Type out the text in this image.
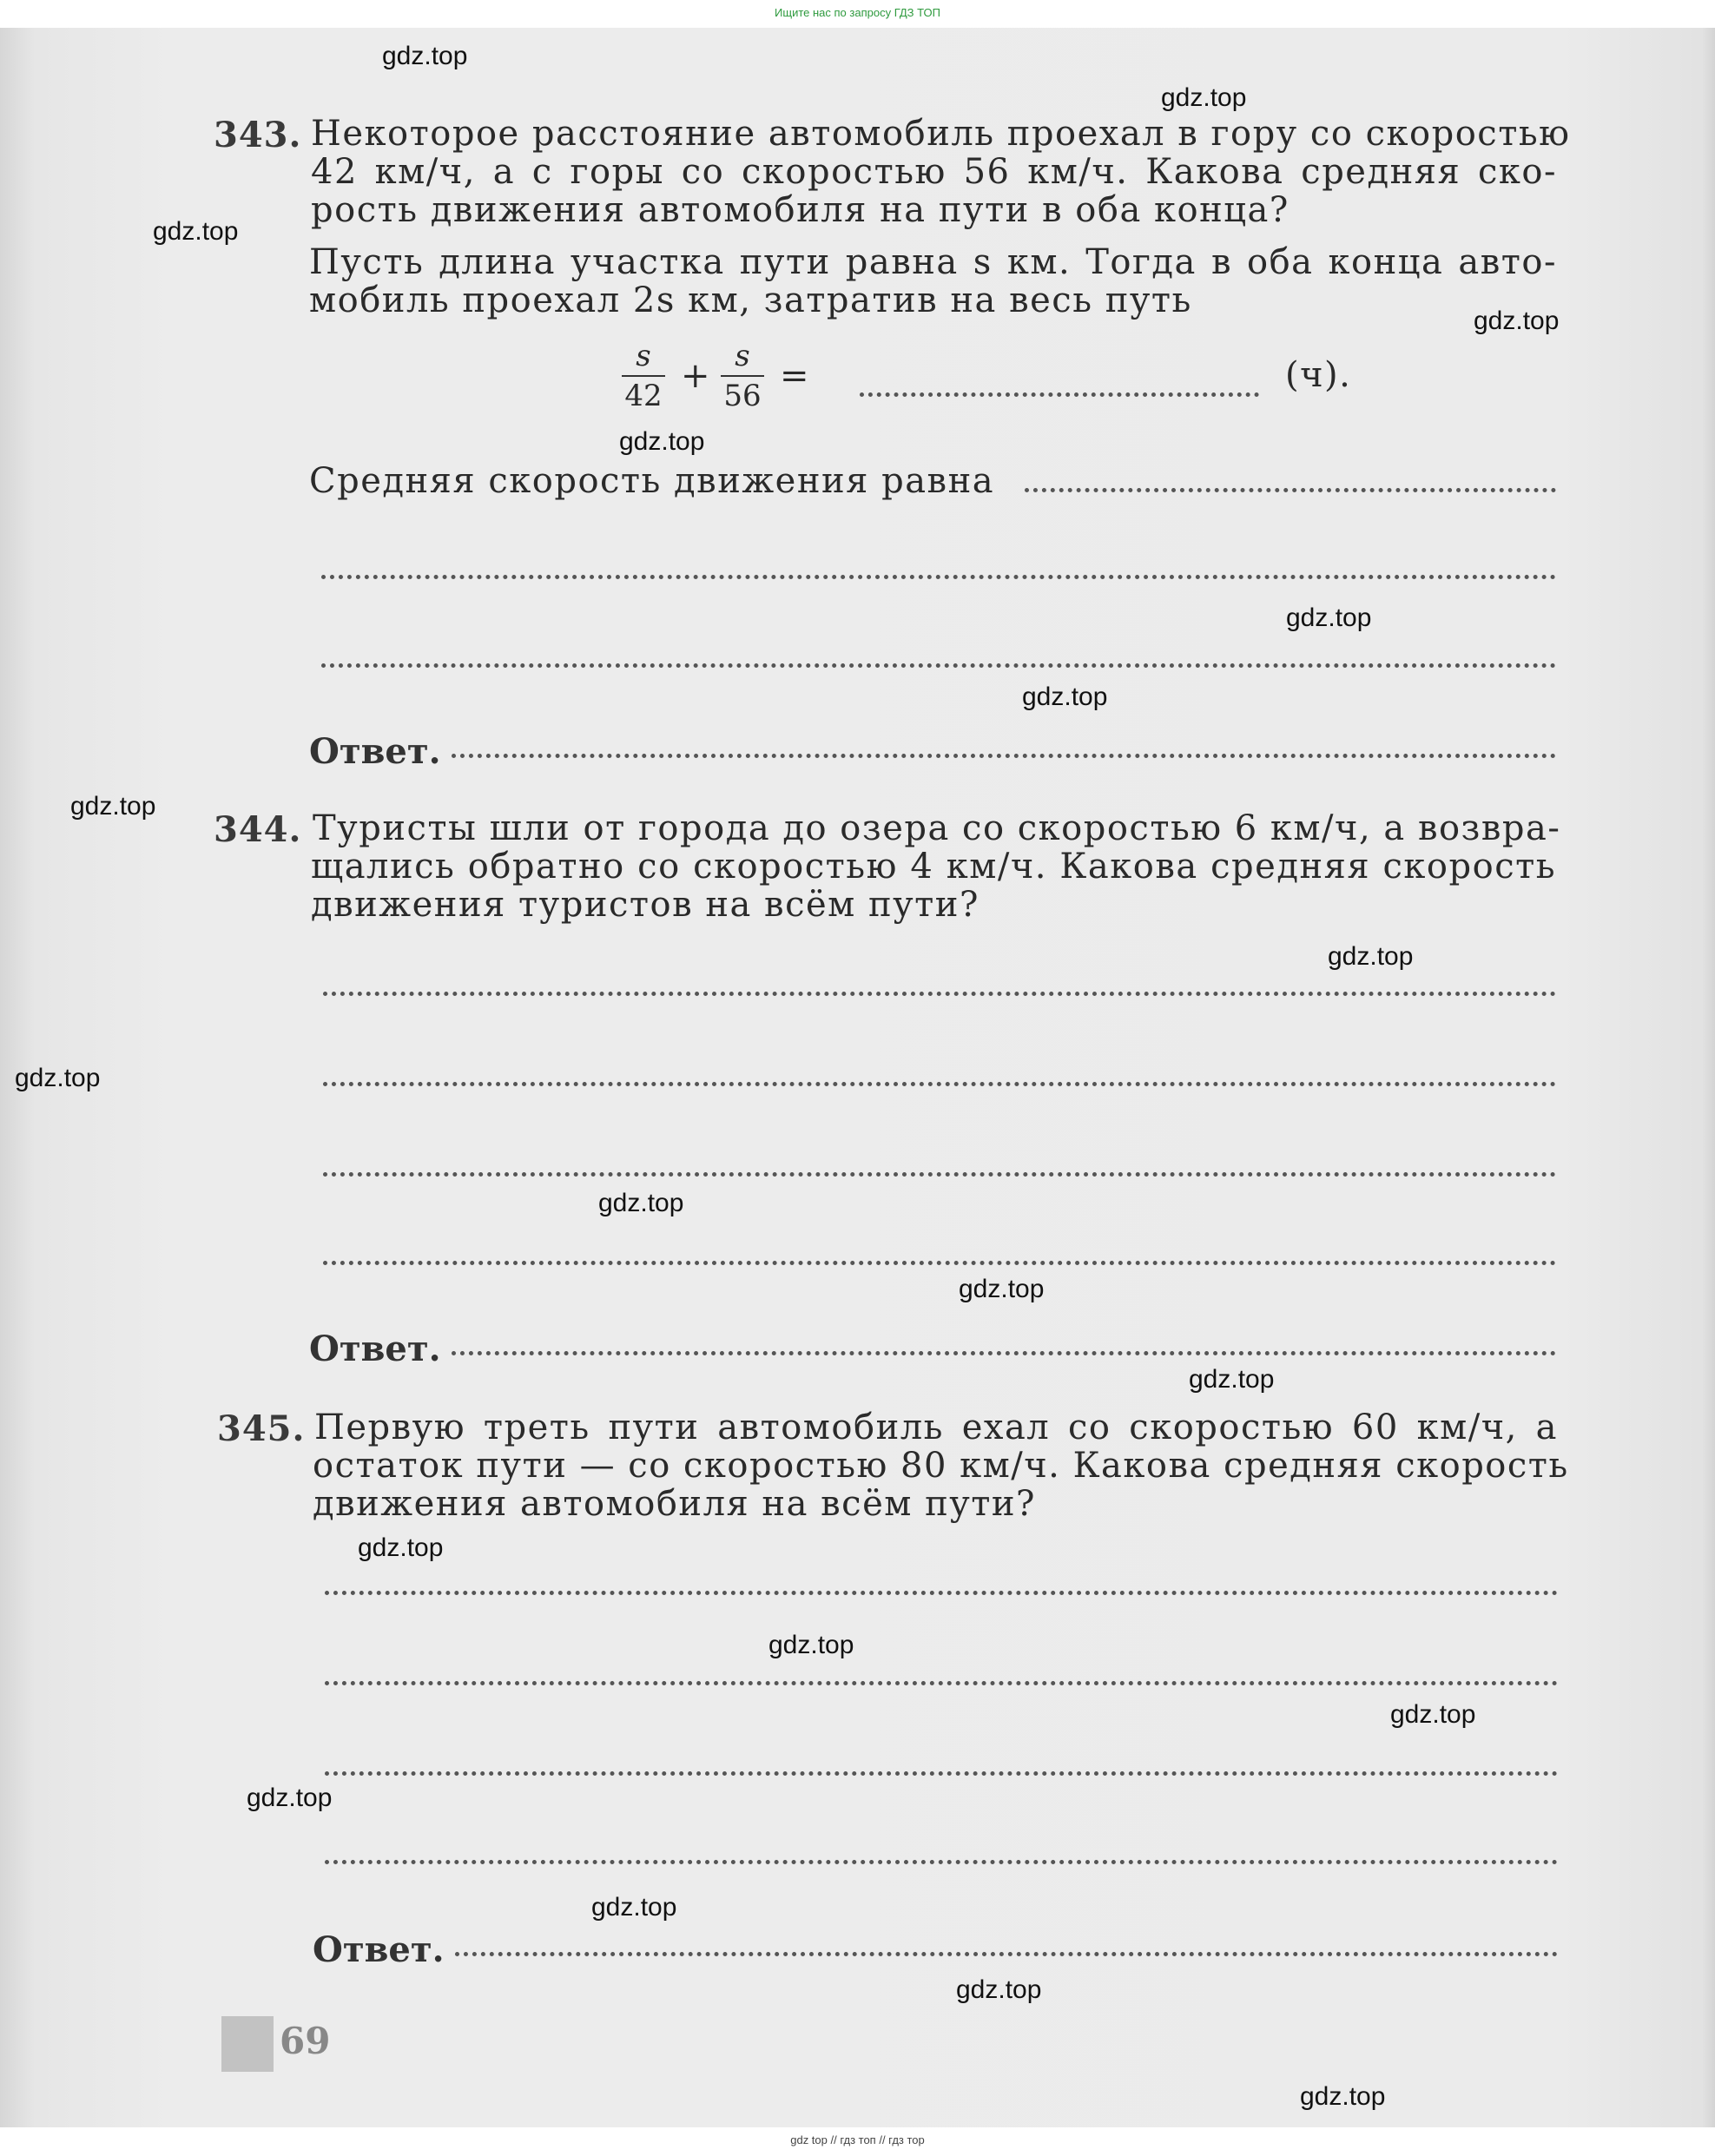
Ищите нас по запросу ГДЗ ТОП
343. Некоторое расстояние автомобиль проехал в гору со скоростью
42 км/ч, а с горы со скоростью 56 км/ч. Какова средняя ско-
рость движения автомобиля на пути в оба конца?
Пусть длина участка пути равна s км. Тогда в оба конца авто-
мобиль проехал 2s км, затратив на весь путь
s
42 + s
56 =	(ч).
Средняя скорость движения равна
Ответ.
344. Туристы шли от города до озера со скоростью 6 км/ч, а возвра-
щались обратно со скоростью 4 км/ч. Какова средняя скорость
движения туристов на всём пути?
Ответ.
345. Первую треть пути автомобиль ехал со скоростью 60 км/ч, а
остаток пути — со скоростью 80 км/ч. Какова средняя скорость
движения автомобиля на всём пути?
Ответ.
69
gdz.top
gdz.top
gdz.top
gdz.top
gdz.top
gdz.top
gdz.top
gdz.top
gdz.top
gdz.top
gdz.top
gdz.top
gdz.top
gdz.top
gdz.top
gdz.top
gdz.top
gdz.top
gdz.top
gdz.top
gdz top // гдз топ // гдз тор
